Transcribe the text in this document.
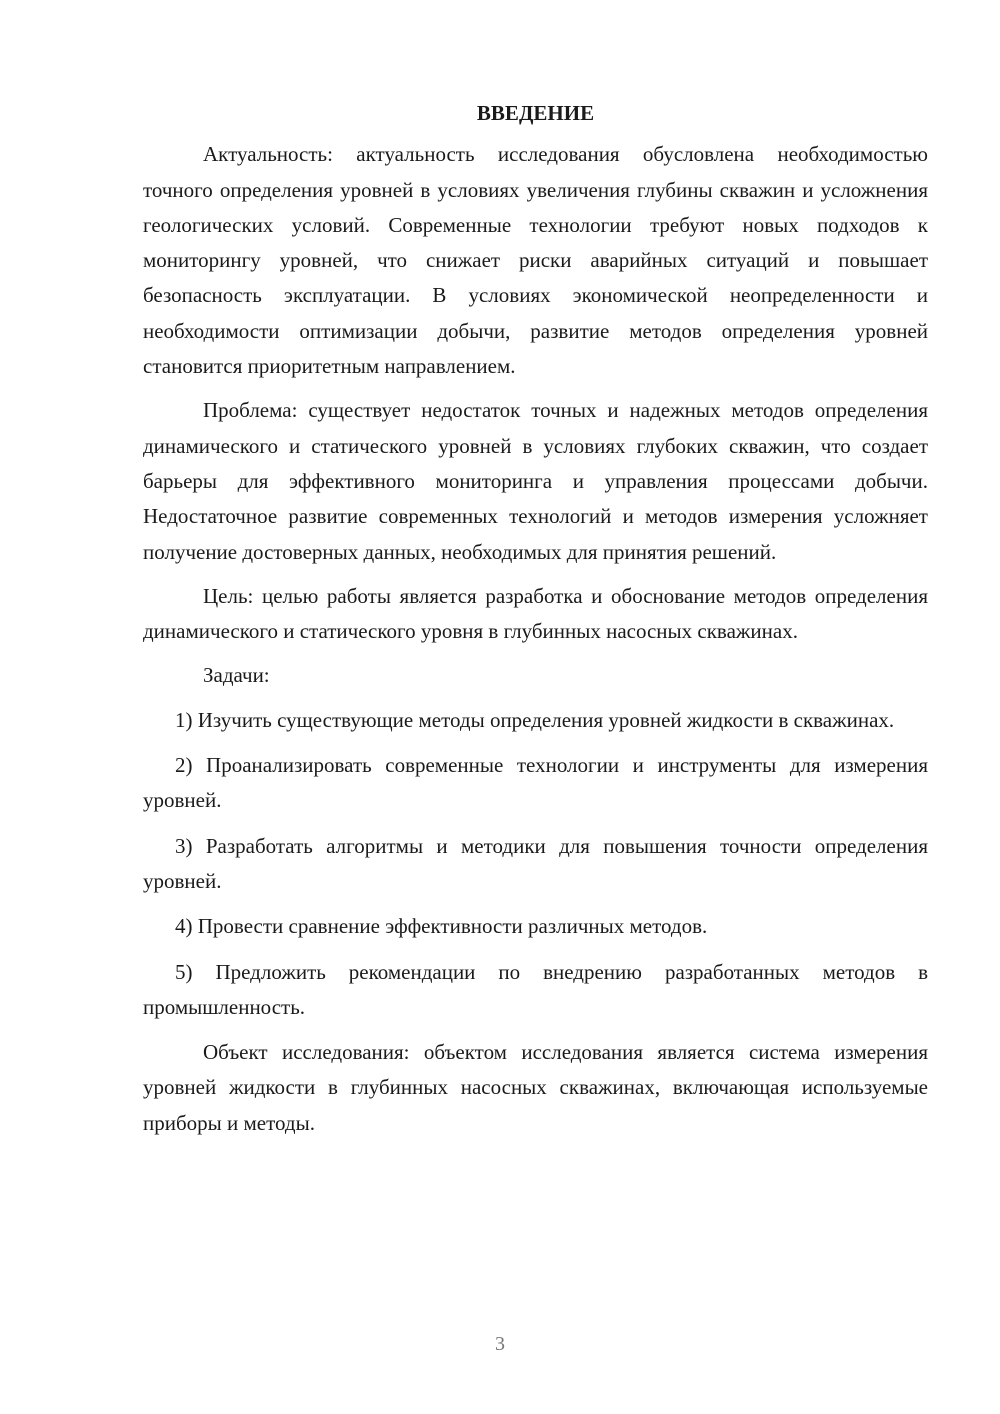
ВВЕДЕНИЕ

Актуальность: актуальность исследования обусловлена необходимостью точного определения уровней в условиях увеличения глубины скважин и усложнения геологических условий. Современные технологии требуют новых подходов к мониторингу уровней, что снижает риски аварийных ситуаций и повышает безопасность эксплуатации. В условиях экономической неопределенности и необходимости оптимизации добычи, развитие методов определения уровней становится приоритетным направлением.

Проблема: существует недостаток точных и надежных методов определения динамического и статического уровней в условиях глубоких скважин, что создает барьеры для эффективного мониторинга и управления процессами добычи. Недостаточное развитие современных технологий и методов измерения усложняет получение достоверных данных, необходимых для принятия решений.

Цель: целью работы является разработка и обоснование методов определения динамического и статического уровня в глубинных насосных скважинах.

Задачи:

1) Изучить существующие методы определения уровней жидкости в скважинах.

2) Проанализировать современные технологии и инструменты для измерения уровней.

3) Разработать алгоритмы и методики для повышения точности определения уровней.

4) Провести сравнение эффективности различных методов.

5) Предложить рекомендации по внедрению разработанных методов в промышленность.

Объект исследования: объектом исследования является система измерения уровней жидкости в глубинных насосных скважинах, включающая используемые приборы и методы.

3
